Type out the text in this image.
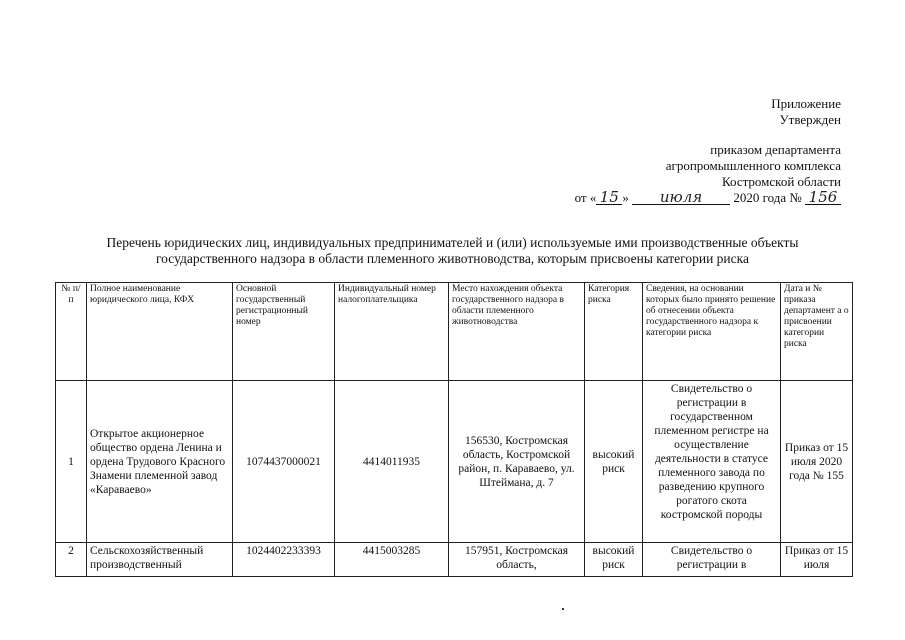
Приложение
Утвержден
приказом департамента
агропромышленного комплекса
Костромской области
от « 15 » июля 2020 года № 156
Перечень юридических лиц, индивидуальных предпринимателей и (или) используемые ими производственные объекты
государственного надзора в области племенного животноводства, которым присвоены категории риска
№ п/п	Полное наименование юридического лица, КФХ	Основной государственный регистрационный номер	Индивидуальный номер налогоплательщика	Место нахождения объекта государственного надзора в области племенного животноводства	Категория риска	Сведения, на основании которых было принято решение об отнесении объекта государственного надзора к категории риска	Дата и № приказа департамент а о присвоении категории риска
1	Открытое акционерное общество ордена Ленина и ордена Трудового Красного Знамени племенной завод «Караваево»	1074437000021	4414011935	156530, Костромская область, Костромской район, п. Караваево, ул. Штеймана, д. 7	высокий риск	Свидетельство о регистрации в государственном племенном регистре на осуществление деятельности в статусе племенного завода по разведению крупного рогатого скота костромской породы	Приказ от 15 июля 2020 года № 155
2	Сельскохозяйственный производственный	1024402233393	4415003285	157951, Костромская область,	высокий риск	Свидетельство о регистрации в	Приказ от 15 июля
